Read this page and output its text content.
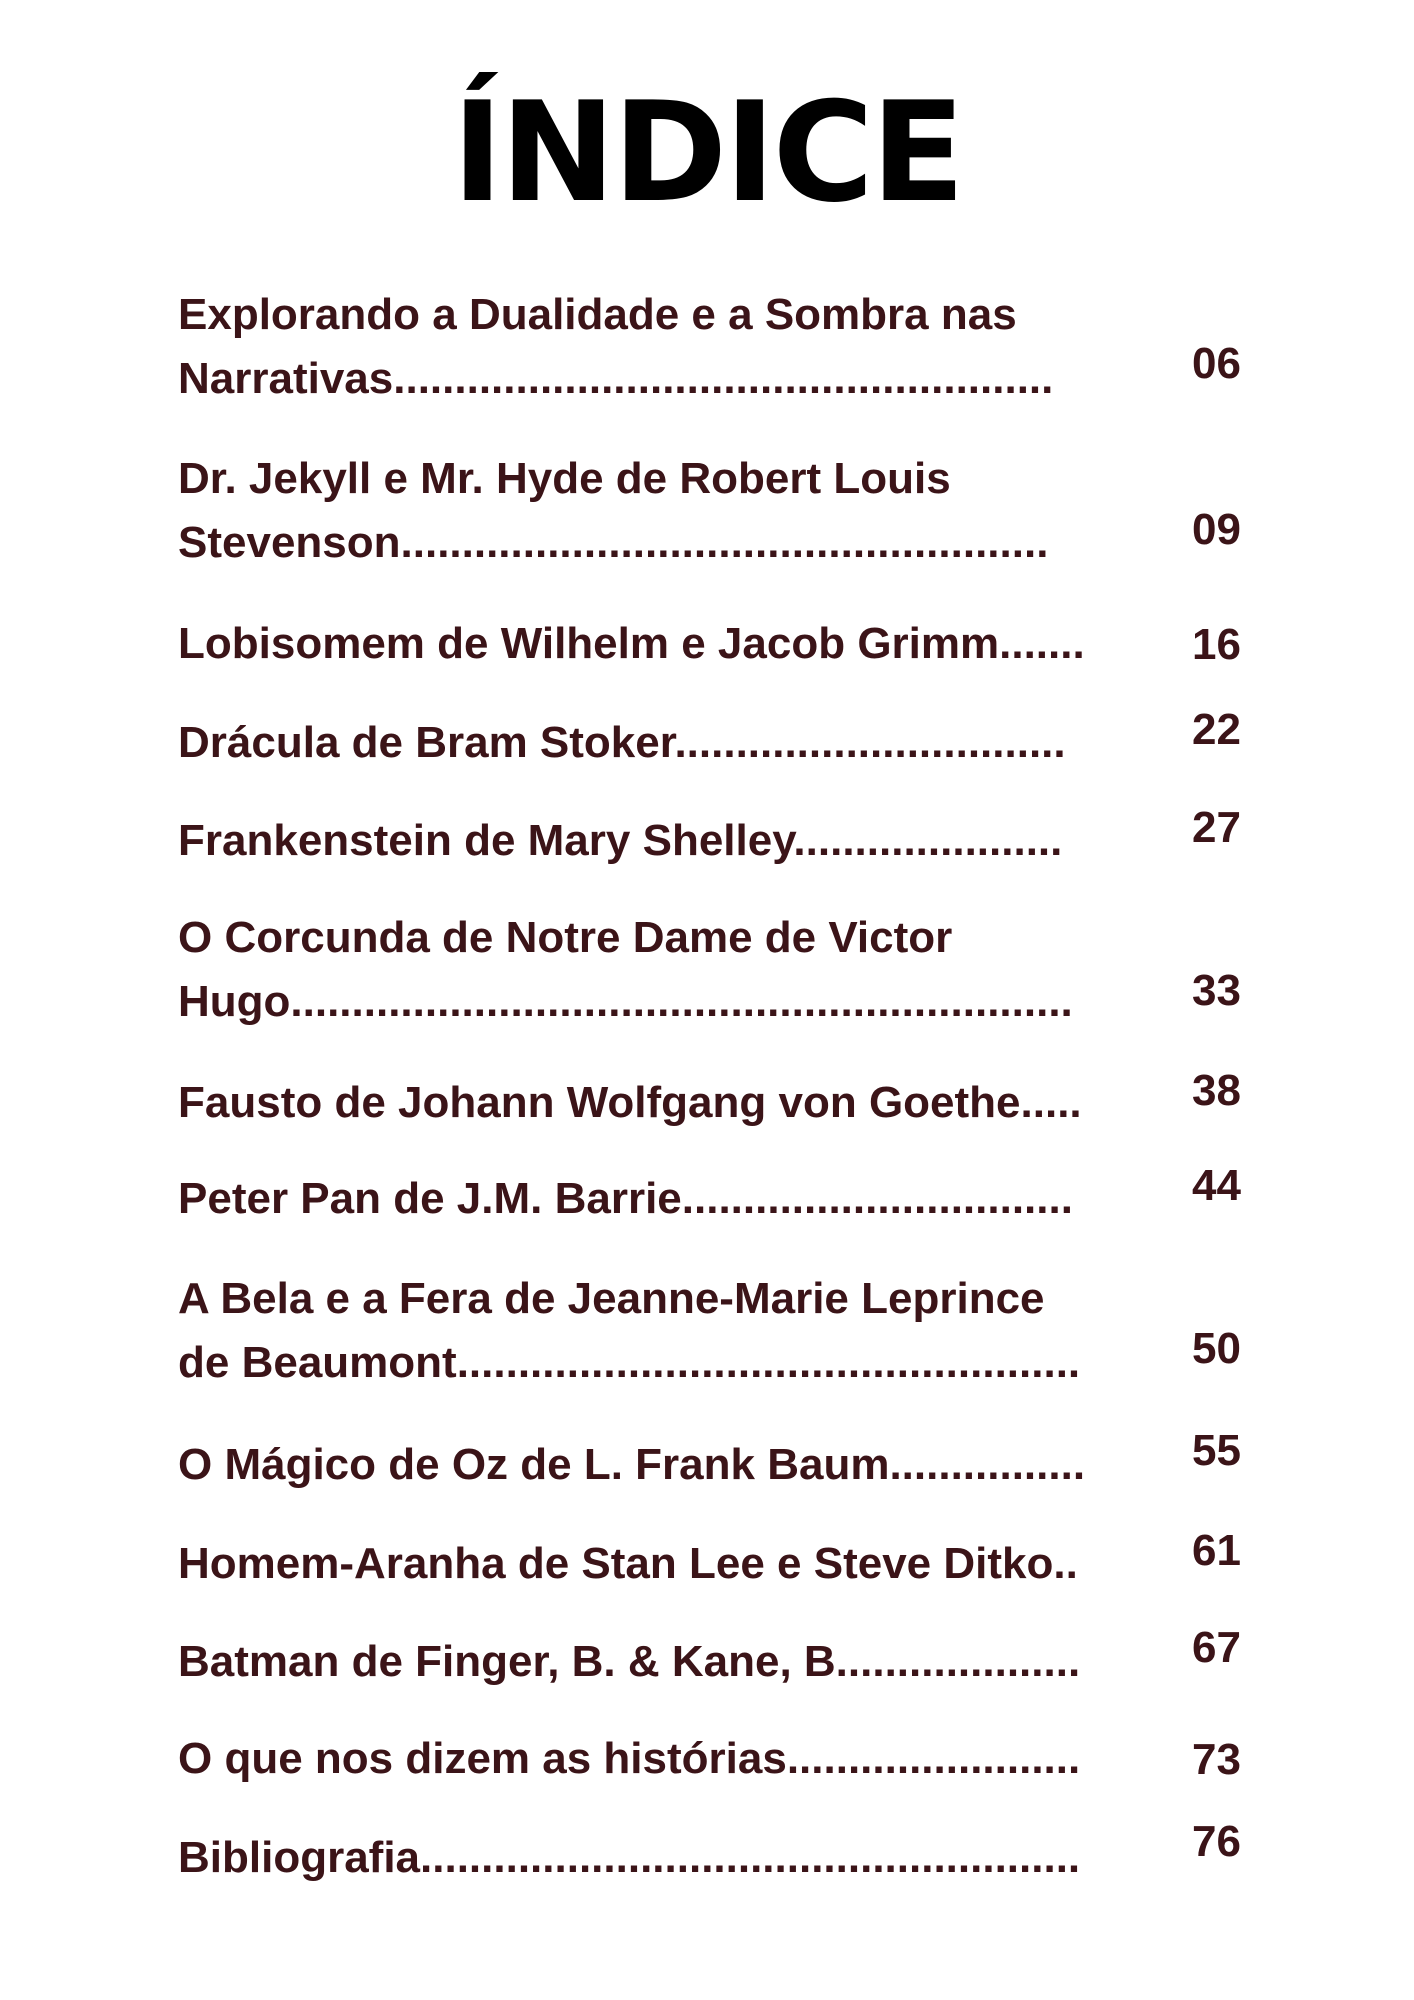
ÍNDICE
Explorando a Dualidade e a Sombra nas
Narrativas......................................................	06
Dr. Jekyll e Mr. Hyde de Robert Louis
Stevenson.....................................................	09
Lobisomem de Wilhelm e Jacob Grimm.......	16
Drácula de Bram Stoker................................	22
Frankenstein de Mary Shelley......................	27
O Corcunda de Notre Dame de Victor
Hugo................................................................	33
Fausto de Johann Wolfgang von Goethe.....	38
Peter Pan de J.M. Barrie................................	44
A Bela e a Fera de Jeanne-Marie Leprince
de Beaumont...................................................	50
O Mágico de Oz de L. Frank Baum................	55
Homem-Aranha de Stan Lee e Steve Ditko..	61
Batman de Finger, B. & Kane, B....................	67
O que nos dizem as histórias........................	73
Bibliografia......................................................	76
